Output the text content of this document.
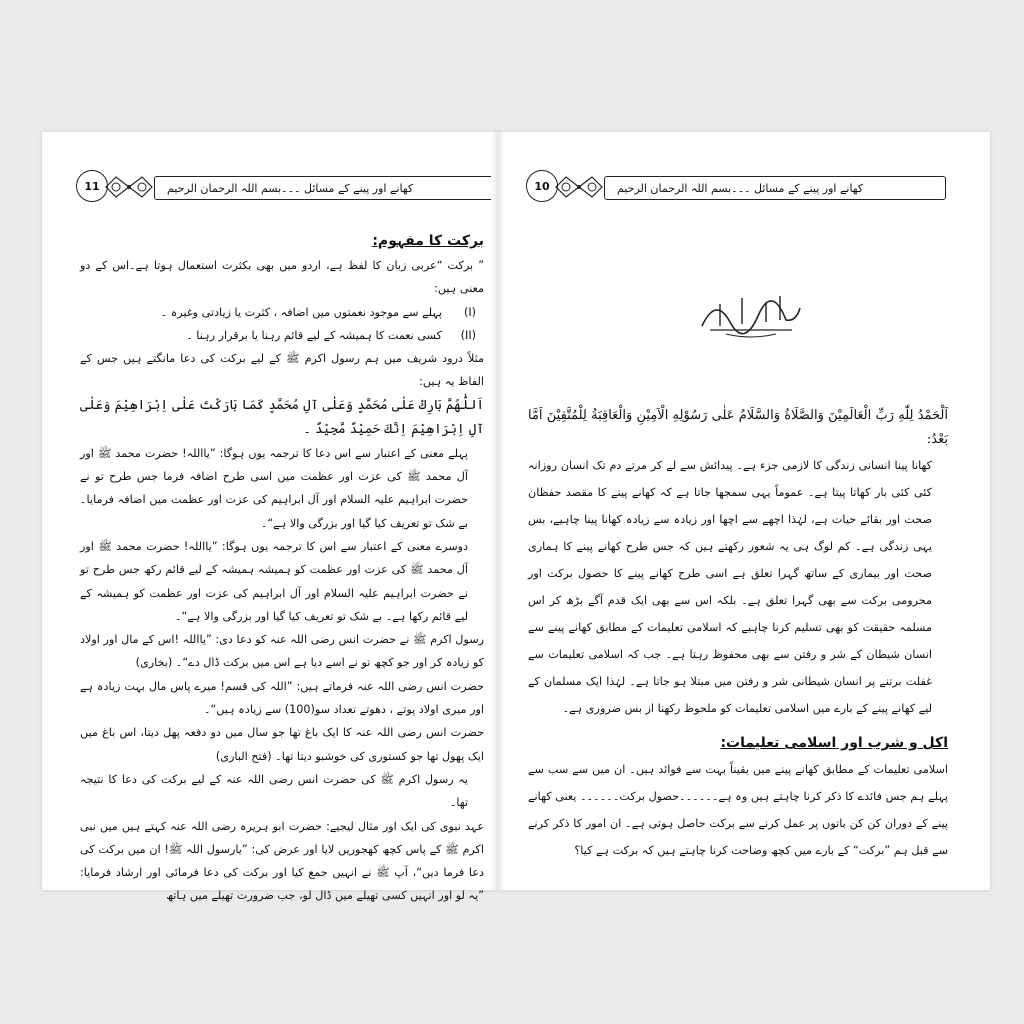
11	کھانے اور پینے کے مسائل ۔۔۔بسم اللہ الرحمان الرحیم

برکت کا مفہوم:

” برکت “عربی زبان کا لفظ ہے، اردو میں بھی بکثرت استعمال ہوتا ہے۔اس کے دو معنی ہیں:

(I)
پہلے سے موجود نعمتوں میں اضافہ ، کثرت یا زیادتی وغیرہ ۔
(II)
کسی نعمت کا ہمیشہ کے لیے قائم رہنا یا برقرار رہنا ۔

مثلاً درود شریف میں ہم رسول اکرم ﷺ کے لیے برکت کی دعا مانگتے ہیں جس کے الفاظ یہ ہیں:

اَللّٰھُمَّ بَارِكْ عَلٰى مُحَمَّدٍ وَعَلٰى آلِ مُحَمَّدٍ كَمَا بَارَكْتَ عَلٰى اِبْرَاهِيْمَ وَعَلٰى آلِ اِبْرَاهِيْمَ اِنَّكَ حَمِيْدٌ مَّجِيْدٌ ۔

پہلے معنی کے اعتبار سے اس دعا کا ترجمہ یوں ہوگا: ”یااللہ! حضرت محمد ﷺ اور آل محمد ﷺ کی عزت اور عظمت میں اسی طرح اضافہ فرما جس طرح تو نے حضرت ابراہیم علیہ السلام اور آل ابراہیم کی عزت اور عظمت میں اضافہ فرمایا۔ بے شک تو تعریف کیا گیا اور بزرگی والا ہے“۔

دوسرے معنی کے اعتبار سے اس کا ترجمہ یوں ہوگا: ”یااللہ! حضرت محمد ﷺ اور آل محمد ﷺ کی عزت اور عظمت کو ہمیشہ ہمیشہ کے لیے قائم رکھ جس طرح تو نے حضرت ابراہیم علیہ السلام اور آل ابراہیم کی عزت اور عظمت کو ہمیشہ کے لیے قائم رکھا ہے۔ بے شک تو تعریف کیا گیا اور بزرگی والا ہے“۔

رسول اکرم ﷺ نے حضرت انس رضی اللہ عنہ کو دعا دی: ”یااللہ !اس کے مال اور اولاد کو زیادہ کر اور جو کچھ تو نے اسے دیا ہے اس میں برکت ڈال دے“۔ (بخاری)

حضرت انس رضی اللہ عنہ فرماتے ہیں: ”اللہ کی قسم! میرے پاس مال بہت زیادہ ہے اور میری اولاد پوتے ، دھوتے تعداد سو(100) سے زیادہ ہیں“۔

حضرت انس رضی اللہ عنہ کا ایک باغ تھا جو سال میں دو دفعہ پھل دیتا، اس باغ میں ایک پھول تھا جو کستوری کی خوشبو دیتا تھا۔ (فتح الباری)

یہ رسول اکرم ﷺ کی حضرت انس رضی اللہ عنہ کے لیے برکت کی دعا کا نتیجہ تھا۔

عہد نبوی کی ایک اور مثال لیجیے: حضرت ابو ہریرہ رضی اللہ عنہ کہتے ہیں میں نبی اکرم ﷺ کے پاس کچھ کھجوریں لایا اور عرض کی: ”یارسول اللہ ﷺ! ان میں برکت کی دعا فرما دیں“، آپ ﷺ نے انہیں جمع کیا اور برکت کی دعا فرمائی اور ارشاد فرمایا: ”یہ لو اور انہیں کسی تھیلے میں ڈال لو، جب ضرورت تھیلے میں ہاتھ

10	کھانے اور پینے کے مسائل ۔۔۔بسم اللہ الرحمان الرحیم

اَلْحَمْدُ لِلّٰهِ رَبِّ الْعَالَمِيْنَ وَالصَّلَاةُ وَالسَّلَامُ عَلٰى رَسُوْلِهِ الْاَمِيْنِ وَالْعَاقِبَةُ لِلْمُتَّقِيْنَ اَمَّا بَعْدُ:

کھانا پینا انسانی زندگی کا لازمی جزء ہے۔ پیدائش سے لے کر مرتے دم تک انسان روزانہ کئی کئی بار کھاتا پیتا ہے۔ عموماً یہی سمجھا جاتا ہے کہ کھانے پینے کا مقصد حفظان صحت اور بقائے حیات ہے، لہٰذا اچھے سے اچھا اور زیادہ سے زیادہ کھانا پینا چاہیے، بس یہی زندگی ہے۔ کم لوگ ہی یہ شعور رکھتے ہیں کہ جس طرح کھانے پینے کا ہماری صحت اور بیماری کے ساتھ گہرا تعلق ہے اسی طرح کھانے پینے کا حصول برکت اور محرومی برکت سے بھی گہرا تعلق ہے۔ بلکہ اس سے بھی ایک قدم آگے بڑھ کر اس مسلمہ حقیقت کو بھی تسلیم کرنا چاہیے کہ اسلامی تعلیمات کے مطابق کھانے پینے سے انسان شیطان کے شر و رفتن سے بھی محفوظ رہتا ہے۔ جب کہ اسلامی تعلیمات سے غفلت برتنے پر انسان شیطانی شر و رفتن میں مبتلا ہو جاتا ہے۔ لہٰذا ایک مسلمان کے لیے کھانے پینے کے بارے میں اسلامی تعلیمات کو ملحوظ رکھنا از بس ضروری ہے۔

اکل و شرب اور اسلامی تعلیمات:

اسلامی تعلیمات کے مطابق کھانے پینے میں یقیناً بہت سے فوائد ہیں۔ ان میں سے سب سے پہلے ہم جس فائدے کا ذکر کرنا چاہتے ہیں وہ ہے۔۔۔۔۔۔حصول برکت۔۔۔۔۔۔ یعنی کھانے پینے کے دوران کن کن باتوں پر عمل کرنے سے برکت حاصل ہوتی ہے۔ ان امور کا ذکر کرنے سے قبل ہم ”برکت“ کے بارے میں کچھ وضاحت کرنا چاہتے ہیں کہ برکت ہے کیا؟
